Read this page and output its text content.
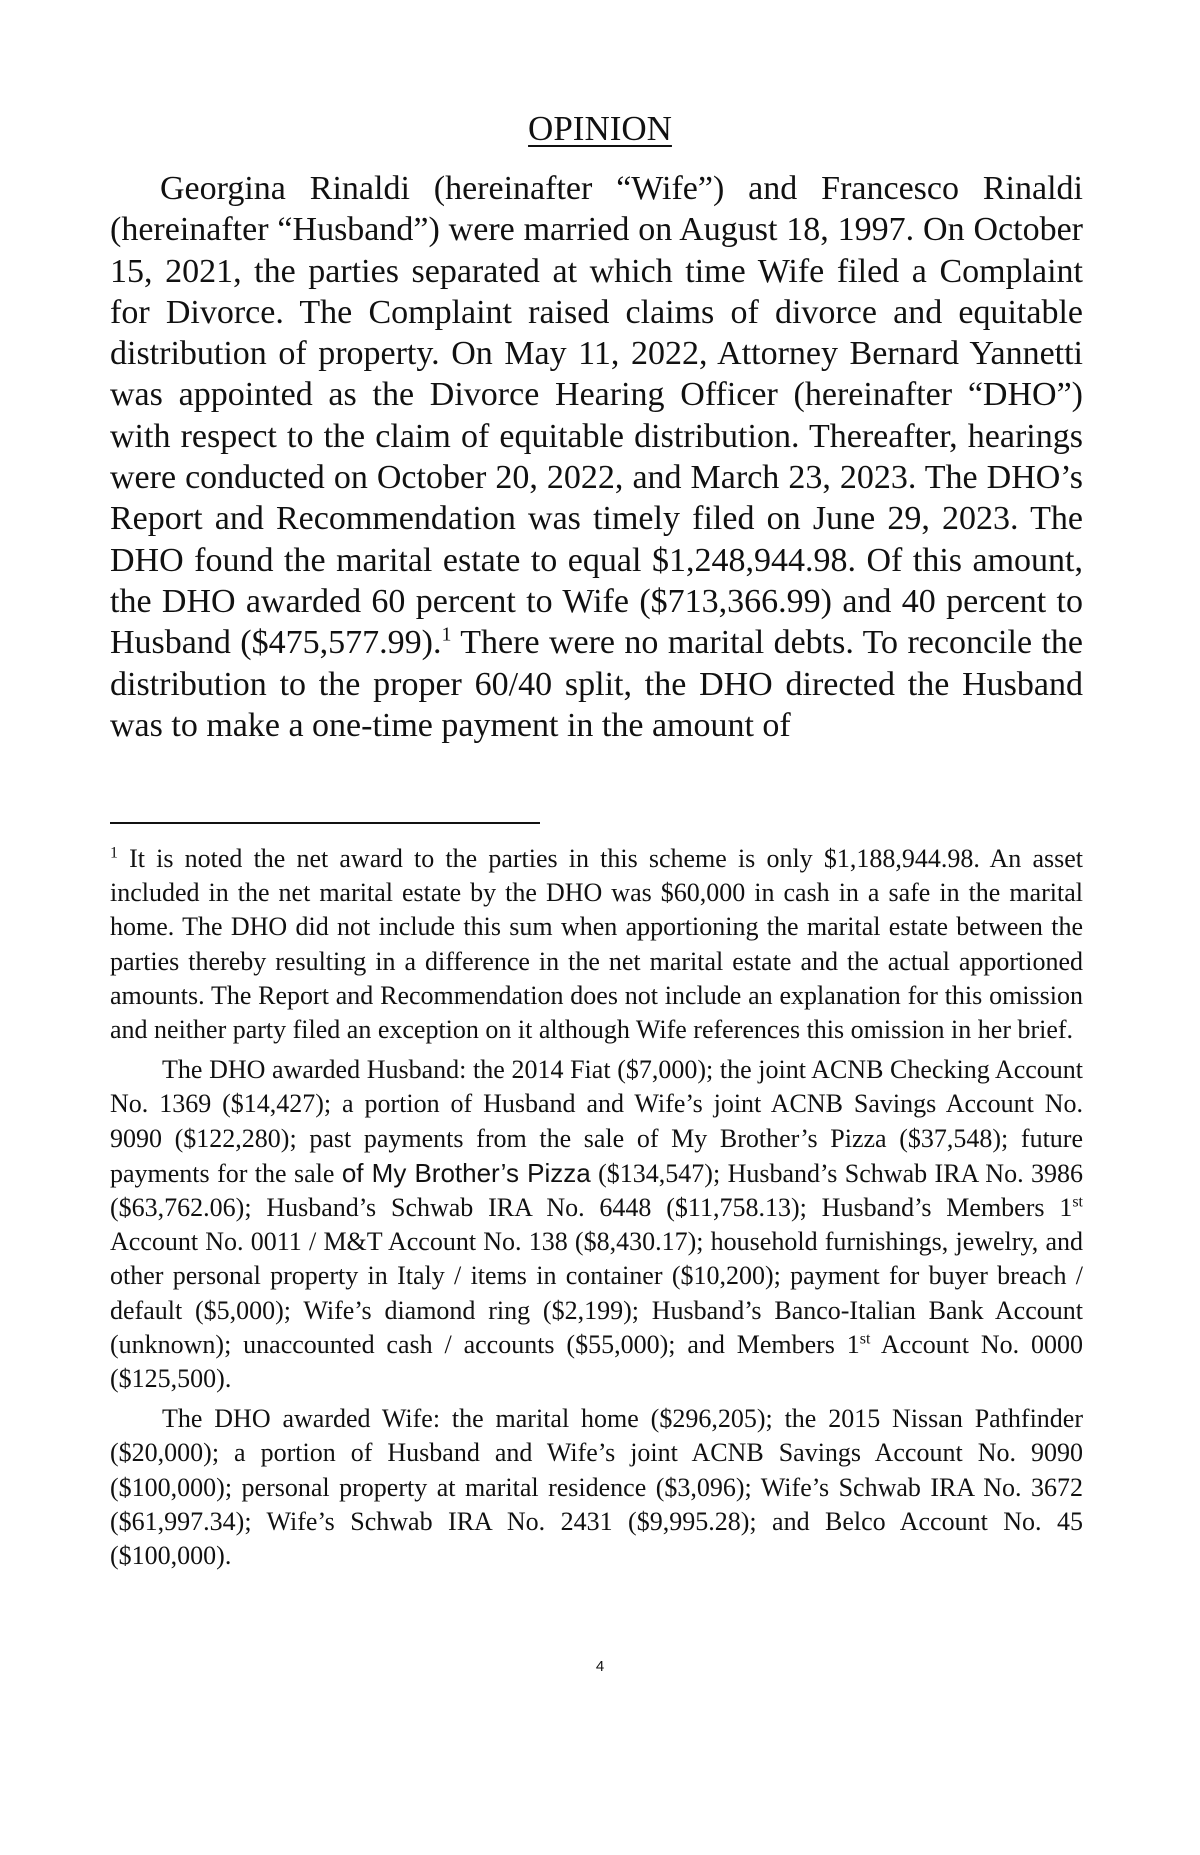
OPINION

Georgina Rinaldi (hereinafter “Wife”) and Francesco Rinaldi (hereinafter “Husband”) were married on August 18, 1997. On October 15, 2021, the parties separated at which time Wife filed a Complaint for Divorce. The Complaint raised claims of divorce and equitable distribution of property. On May 11, 2022, Attorney Bernard Yannetti was appointed as the Divorce Hearing Officer (hereinafter “DHO”) with respect to the claim of equitable distribution. Thereafter, hearings were conducted on October 20, 2022, and March 23, 2023. The DHO’s Report and Recommendation was timely filed on June 29, 2023. The DHO found the marital estate to equal $1,248,944.98. Of this amount, the DHO awarded 60 percent to Wife ($713,366.99) and 40 percent to Husband ($475,577.99).$^1$ There were no marital debts. To reconcile the distribution to the proper 60/40 split, the DHO directed the Husband was to make a one-time payment in the amount of

$^1$ It is noted the net award to the parties in this scheme is only $1,188,944.98. An asset included in the net marital estate by the DHO was $60,000 in cash in a safe in the marital home. The DHO did not include this sum when apportioning the marital estate between the parties thereby resulting in a difference in the net marital estate and the actual apportioned amounts. The Report and Recommendation does not include an explanation for this omission and neither party filed an exception on it although Wife references this omission in her brief.

The DHO awarded Husband: the 2014 Fiat ($7,000); the joint ACNB Checking Account No. 1369 ($14,427); a portion of Husband and Wife’s joint ACNB Savings Account No. 9090 ($122,280); past payments from the sale of My Brother’s Pizza ($37,548); future payments for the sale of My Brother’s Pizza ($134,547); Husband’s Schwab IRA No. 3986 ($63,762.06); Husband’s Schwab IRA No. 6448 ($11,758.13); Husband’s Members 1st Account No. 0011 / M&T Account No. 138 ($8,430.17); household furnishings, jewelry, and other personal property in Italy / items in container ($10,200); payment for buyer breach / default ($5,000); Wife’s diamond ring ($2,199); Husband’s Banco-Italian Bank Account (unknown); unaccounted cash / accounts ($55,000); and Members 1st Account No. 0000 ($125,500).

The DHO awarded Wife: the marital home ($296,205); the 2015 Nissan Pathfinder ($20,000); a portion of Husband and Wife’s joint ACNB Savings Account No. 9090 ($100,000); personal property at marital residence ($3,096); Wife’s Schwab IRA No. 3672 ($61,997.34); Wife’s Schwab IRA No. 2431 ($9,995.28); and Belco Account No. 45 ($100,000).

4
